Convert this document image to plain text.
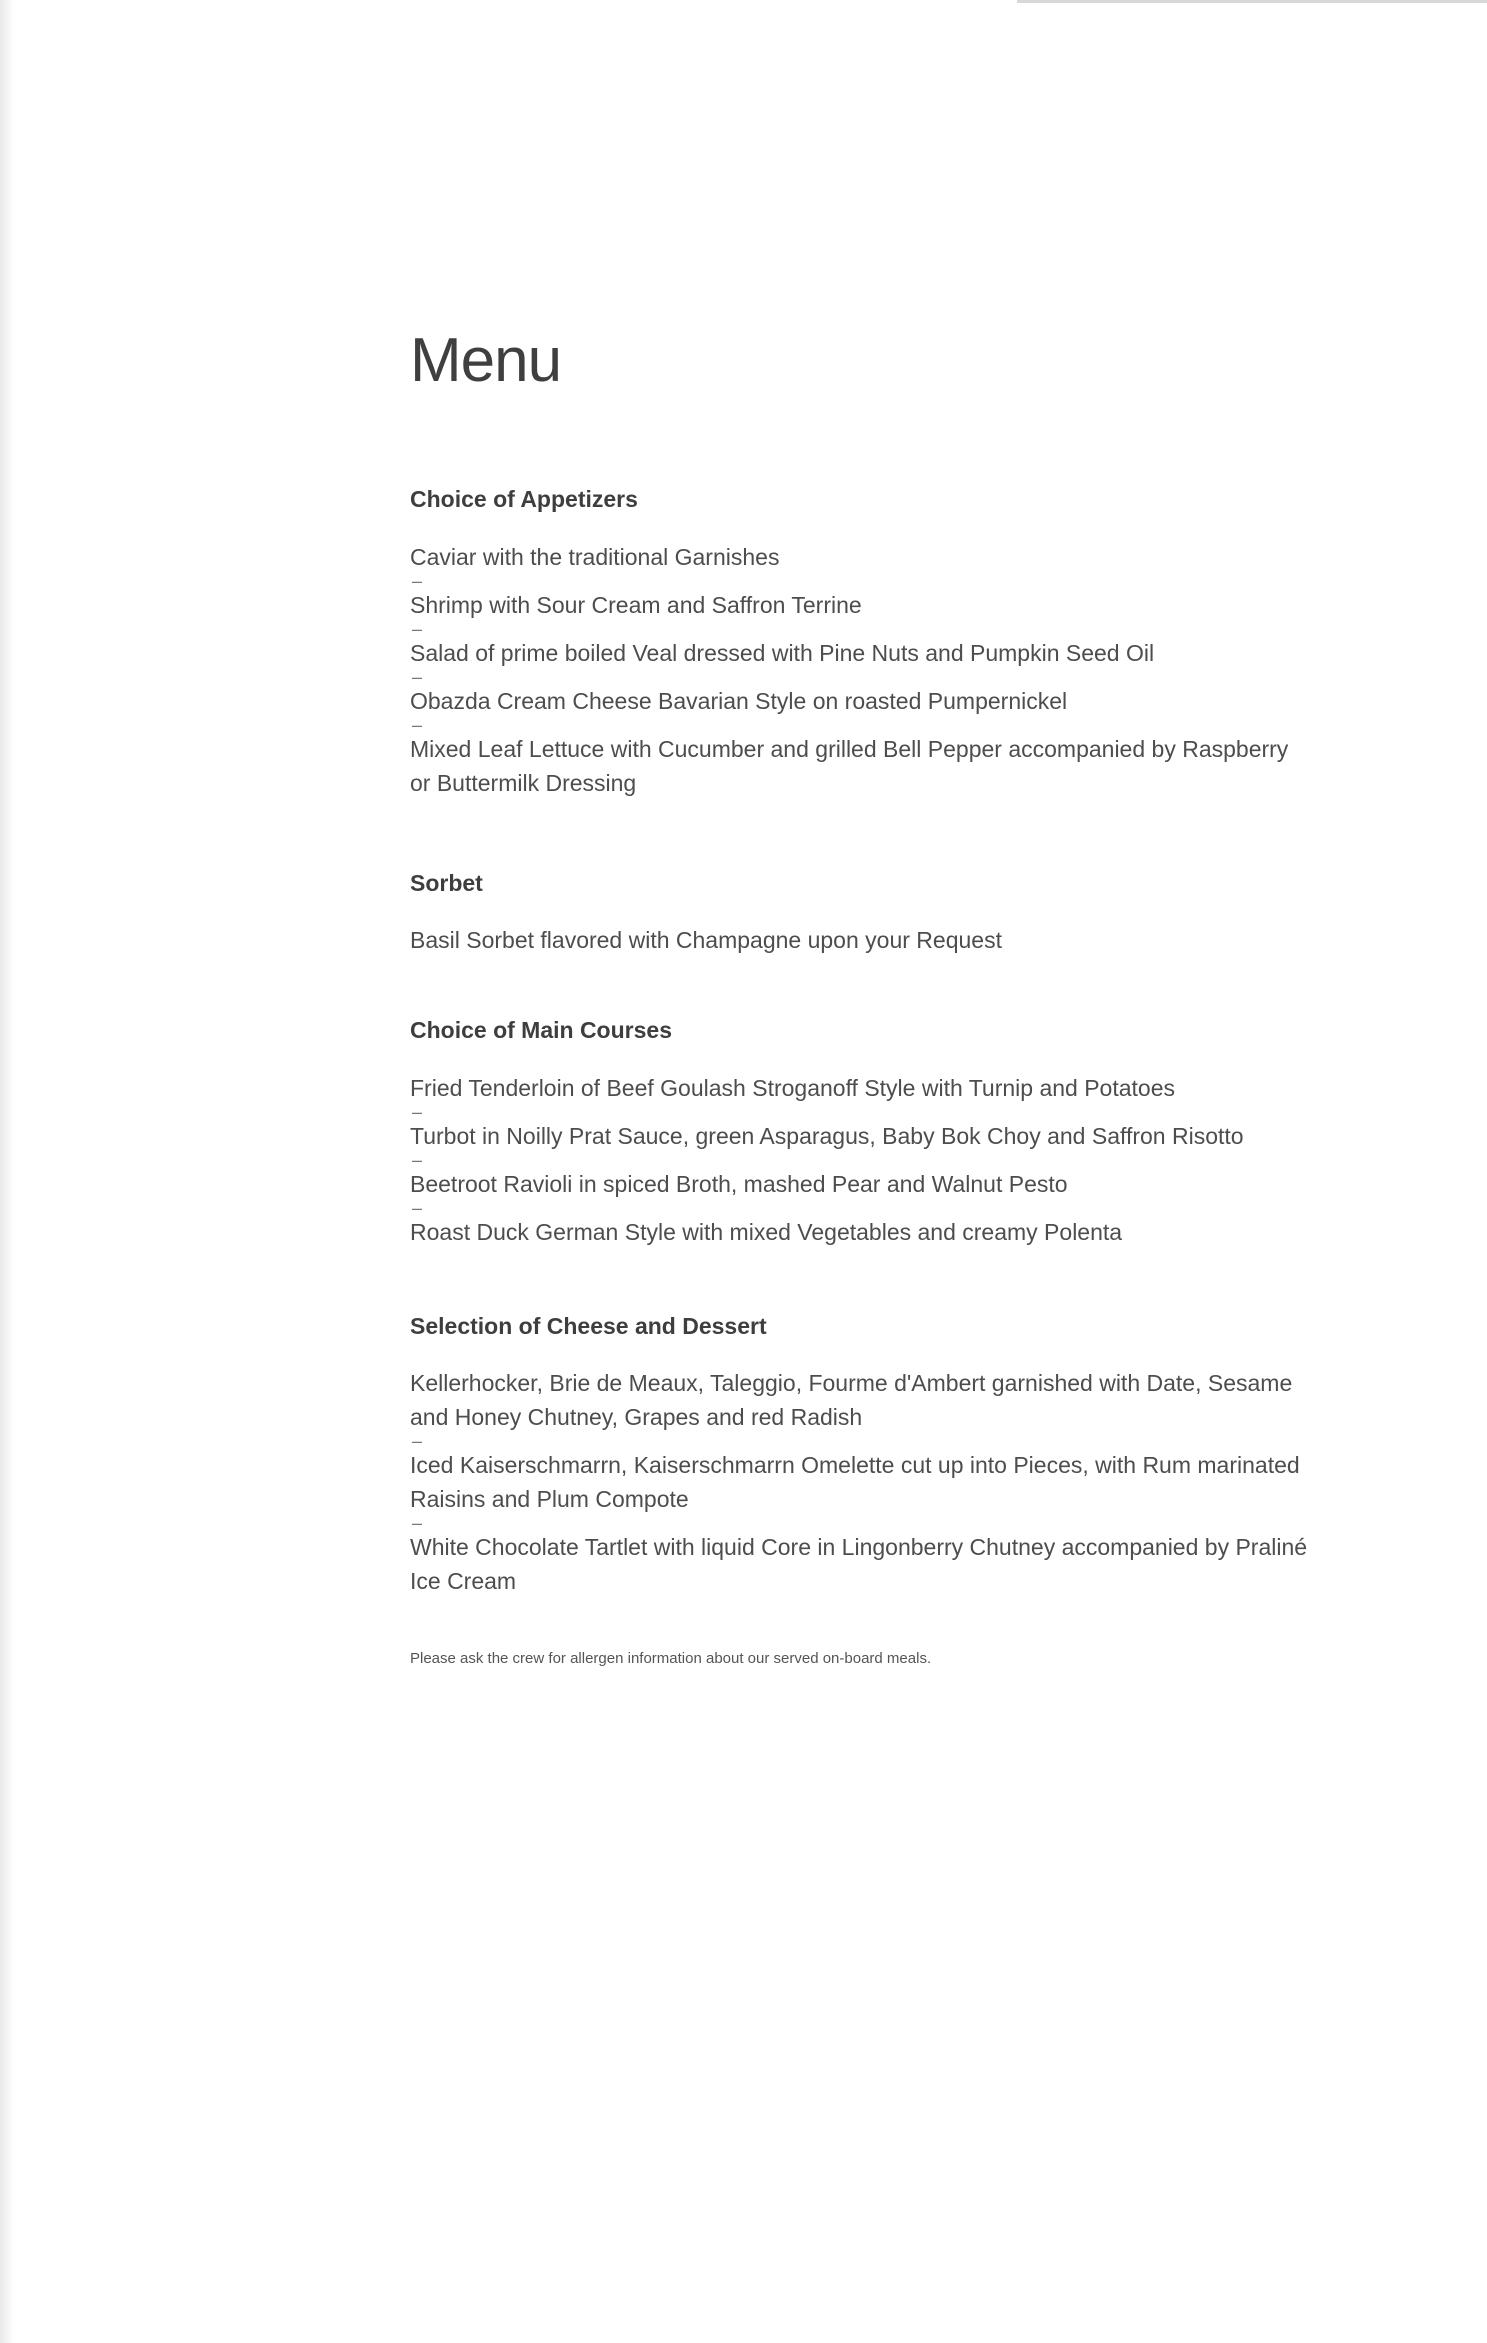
Menu
Choice of Appetizers
Caviar with the traditional Garnishes
–
Shrimp with Sour Cream and Saffron Terrine
–
Salad of prime boiled Veal dressed with Pine Nuts and Pumpkin Seed Oil
–
Obazda Cream Cheese Bavarian Style on roasted Pumpernickel
–
Mixed Leaf Lettuce with Cucumber and grilled Bell Pepper accompanied by Raspberry or Buttermilk Dressing
Sorbet
Basil Sorbet flavored with Champagne upon your Request
Choice of Main Courses
Fried Tenderloin of Beef Goulash Stroganoff Style with Turnip and Potatoes
–
Turbot in Noilly Prat Sauce, green Asparagus, Baby Bok Choy and Saffron Risotto
–
Beetroot Ravioli in spiced Broth, mashed Pear and Walnut Pesto
–
Roast Duck German Style with mixed Vegetables and creamy Polenta
Selection of Cheese and Dessert
Kellerhocker, Brie de Meaux, Taleggio, Fourme d'Ambert garnished with Date, Sesame and Honey Chutney, Grapes and red Radish
–
Iced Kaiserschmarrn, Kaiserschmarrn Omelette cut up into Pieces, with Rum marinated Raisins and Plum Compote
–
White Chocolate Tartlet with liquid Core in Lingonberry Chutney accompanied by Praliné Ice Cream

Please ask the crew for allergen information about our served on-board meals.
